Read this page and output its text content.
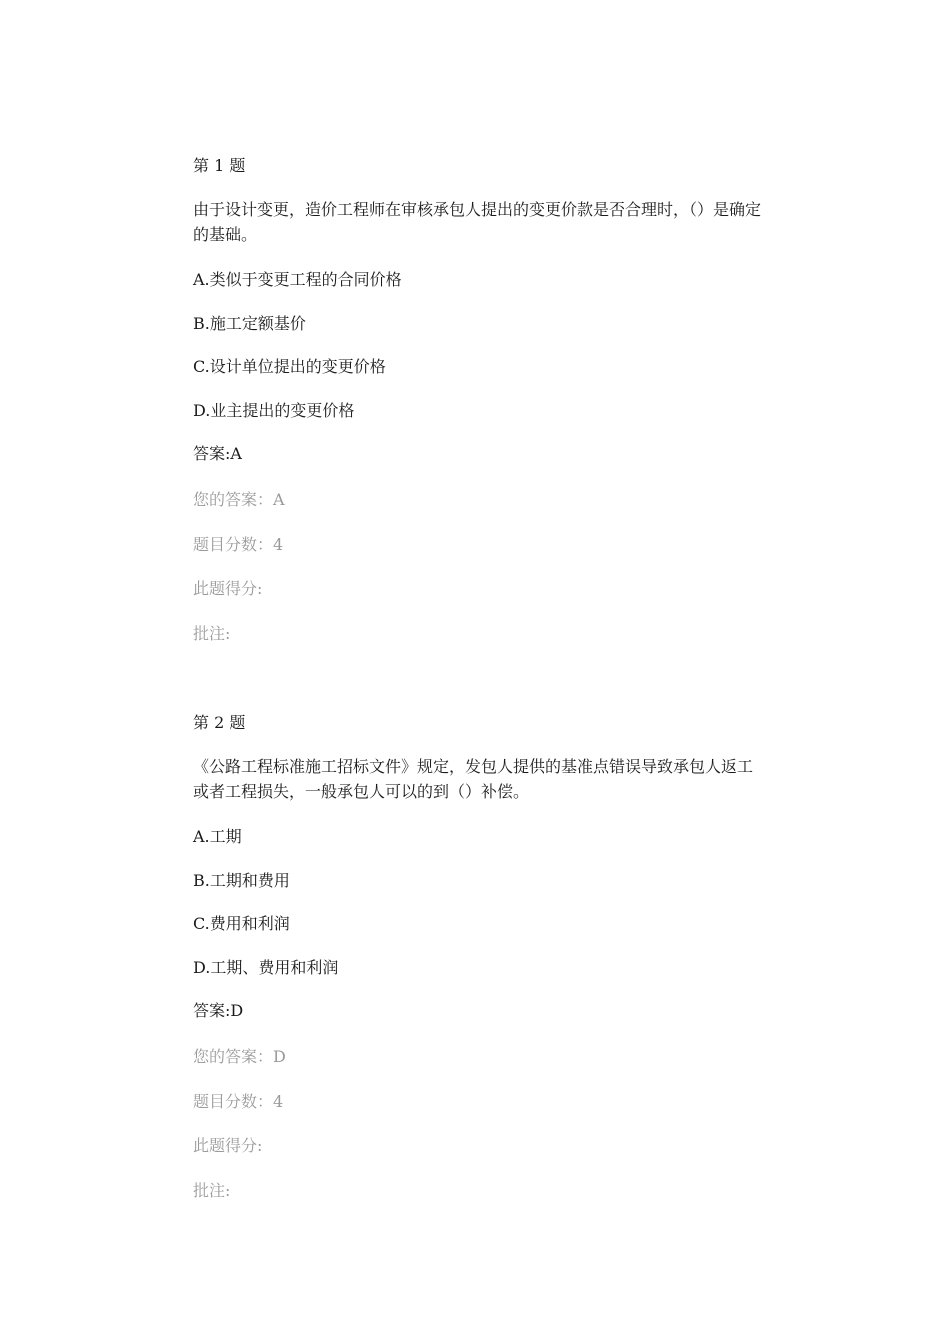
第 1 题

由于设计变更，造价工程师在审核承包人提出的变更价款是否合理时，（）是确定的基础。

A.类似于变更工程的合同价格

B.施工定额基价

C.设计单位提出的变更价格

D.业主提出的变更价格

答案:A

您的答案：A

题目分数：4

此题得分:

批注:

第 2 题

《公路工程标准施工招标文件》规定，发包人提供的基准点错误导致承包人返工或者工程损失，一般承包人可以的到（）补偿。

A.工期

B.工期和费用

C.费用和利润

D.工期、费用和利润

答案:D

您的答案：D

题目分数：4

此题得分:

批注:
